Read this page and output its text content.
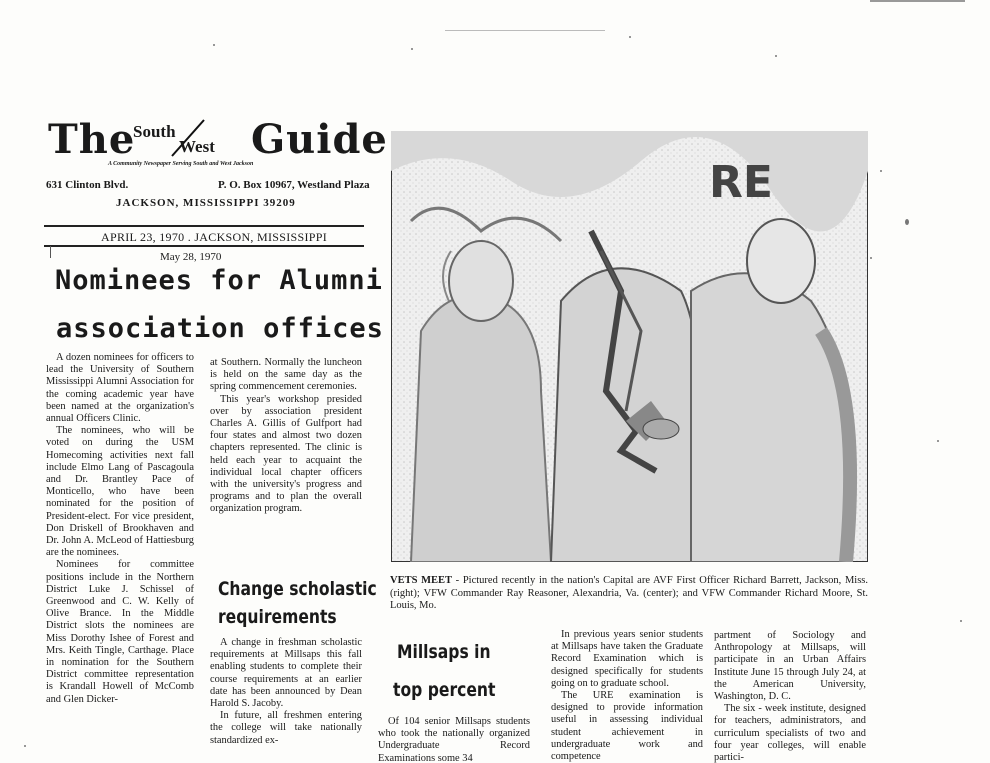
The
South
West Guide
A Community Newspaper Serving South and West Jackson
631 Clinton Blvd.	P. O. Box 10967, Westland Plaza
JACKSON, MISSISSIPPI 39209
APRIL 23, 1970 . JACKSON, MISSISSIPPI
May 28, 1970
Nominees for Alumni
association offices

A dozen nominees for officers to lead the University of Southern Mississippi Alumni Association for the coming academic year have been named at the organization's annual Officers Clinic.

The nominees, who will be voted on during the USM Homecoming activities next fall include Elmo Lang of Pascagoula and Dr. Brantley Pace of Monticello, who have been nominated for the position of President-elect. For vice president, Don Driskell of Brookhaven and Dr. John A. McLeod of Hattiesburg are the nominees.

Nominees for committee positions include in the Northern District Luke J. Schissel of Greenwood and C. W. Kelly of Olive Brance. In the Middle District slots the nominees are Miss Dorothy Ishee of Forest and Mrs. Keith Tingle, Carthage. Place in nomination for the Southern District committee representation is Krandall Howell of McComb and Glen Dicker-

at Southern. Normally the luncheon is held on the same day as the spring commencement ceremonies.

This year's workshop presided over by association president Charles A. Gillis of Gulfport had four states and almost two dozen chapters represented. The clinic is held each year to acquaint the individual local chapter officers with the university's progress and programs and to plan the overall organization program.

Change scholastic
requirements

A change in freshman scholastic requirements at Millsaps this fall enabling students to complete their course requirements at an earlier date has been announced by Dean Harold S. Jacoby.

In future, all freshmen entering the college will take nationally standardized ex-

RE
VETS MEET - Pictured recently in the nation's Capital are AVF First Officer Richard Barrett, Jackson, Miss. (right); VFW Commander Ray Reasoner, Alexandria, Va. (center); and VFW Commander Richard Moore, St. Louis, Mo.
Millsaps in
top percent

Of 104 senior Millsaps students who took the nationally organized Undergraduate Record Examinations some 34

In previous years senior students at Millsaps have taken the Graduate Record Examination which is designed specifically for students going on to graduate school.

The URE examination is designed to provide information useful in assessing individual student achievement in undergraduate work and competence

partment of Sociology and Anthropology at Millsaps, will participate in an Urban Affairs Institute June 15 through July 24, at the American University, Washington, D. C.

The six - week institute, designed for teachers, administrators, and curriculum specialists of two and four year colleges, will enable partici-
